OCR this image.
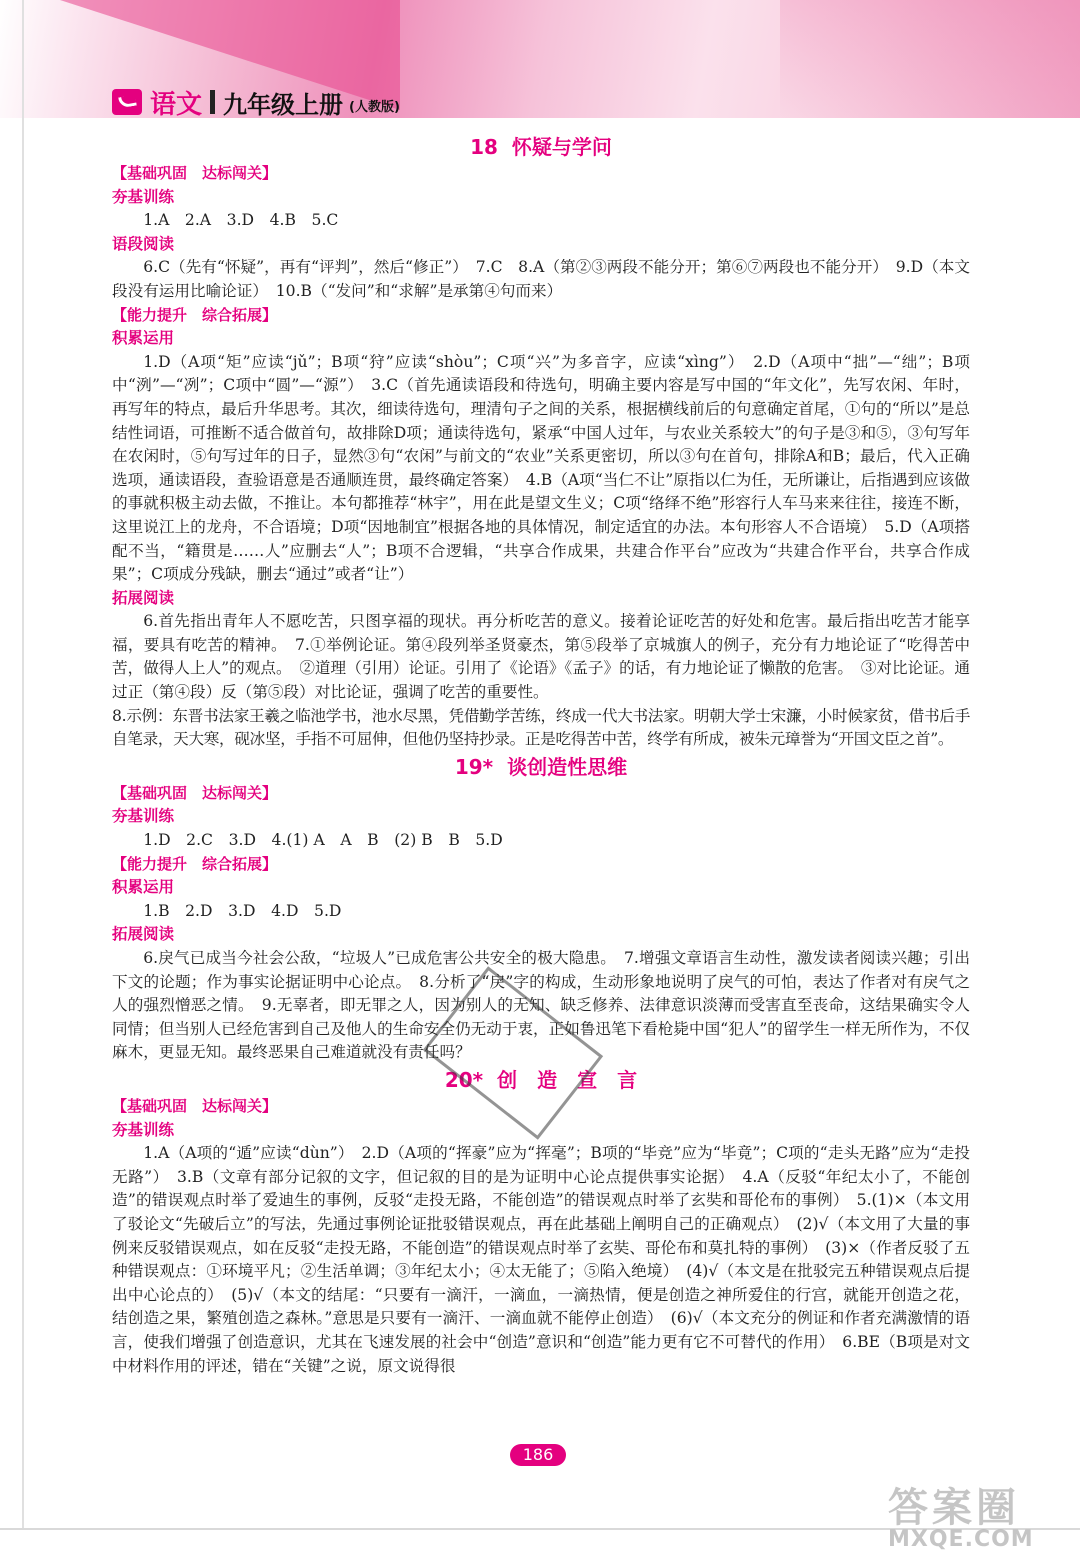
语文 九年级上册 (人教版)
18 怀疑与学问
【基础巩固　达标闯关】
夯基训练
1.A　2.A　3.D　4.B　5.C
语段阅读
6.C（先有“怀疑”，再有“评判”，然后“修正”）　7.C　8.A（第②③两段不能分开；第⑥⑦两段也不能分开）　9.D（本文段没有运用比喻论证）　10.B（“发问”和“求解”是承第④句而来）
【能力提升　综合拓展】
积累运用
1.D（A项“矩”应读“jǔ”；B项“狩”应读“shòu”；C项“兴”为多音字，应读“xìng”）　2.D（A项中“拙”—“绌”；B项中“洌”—“冽”；C项中“圆”—“源”）　3.C（首先通读语段和待选句，明确主要内容是写中国的“年文化”，先写农闲、年时，再写年的特点，最后升华思考。其次，细读待选句，理清句子之间的关系，根据横线前后的句意确定首尾，①句的“所以”是总结性词语，可推断不适合做首句，故排除D项；通读待选句，紧承“中国人过年，与农业关系较大”的句子是③和⑤，③句写年在农闲时，⑤句写过年的日子，显然③句“农闲”与前文的“农业”关系更密切，所以③句在首句，排除A和B；最后，代入正确选项，通读语段，查验语意是否通顺连贯，最终确定答案）　4.B（A项“当仁不让”原指以仁为任，无所谦让，后指遇到应该做的事就积极主动去做，不推让。本句都推荐“林宇”，用在此是望文生义；C项“络绎不绝”形容行人车马来来往往，接连不断，这里说江上的龙舟，不合语境；D项“因地制宜”根据各地的具体情况，制定适宜的办法。本句形容人不合语境）　5.D（A项搭配不当，“籍贯是……人”应删去“人”；B项不合逻辑，“共享合作成果，共建合作平台”应改为“共建合作平台，共享合作成果”；C项成分残缺，删去“通过”或者“让”）
拓展阅读
6.首先指出青年人不愿吃苦，只图享福的现状。再分析吃苦的意义。接着论证吃苦的好处和危害。最后指出吃苦才能享福，要具有吃苦的精神。　7.①举例论证。第④段列举圣贤豪杰，第⑤段举了京城旗人的例子，充分有力地论证了“吃得苦中苦，做得人上人”的观点。　②道理（引用）论证。引用了《论语》《孟子》的话，有力地论证了懒散的危害。　③对比论证。通过正（第④段）反（第⑤段）对比论证，强调了吃苦的重要性。
8.示例：东晋书法家王羲之临池学书，池水尽黑，凭借勤学苦练，终成一代大书法家。明朝大学士宋濂，小时候家贫，借书后手自笔录，天大寒，砚冰坚，手指不可屈伸，但他仍坚持抄录。正是吃得苦中苦，终学有所成，被朱元璋誉为“开国文臣之首”。
19* 谈创造性思维
【基础巩固　达标闯关】
夯基训练
1.D　2.C　3.D　4.(1) A　A　B　(2) B　B　5.D
【能力提升　综合拓展】
积累运用
1.B　2.D　3.D　4.D　5.D
拓展阅读
6.戾气已成当今社会公敌，“垃圾人”已成危害公共安全的极大隐患。　7.增强文章语言生动性，激发读者阅读兴趣；引出下文的论题；作为事实论据证明中心论点。　8.分析了“戾”字的构成，生动形象地说明了戾气的可怕，表达了作者对有戾气之人的强烈憎恶之情。　9.无辜者，即无罪之人，因为别人的无知、缺乏修养、法律意识淡薄而受害直至丧命，这结果确实令人同情；但当别人已经危害到自己及他人的生命安全仍无动于衷，正如鲁迅笔下看枪毙中国“犯人”的留学生一样无所作为，不仅麻木，更显无知。最终恶果自己难道就没有责任吗？
20* 创　造　宣　言
【基础巩固　达标闯关】
夯基训练
1.A（A项的“遁”应读“dùn”）　2.D（A项的“挥豪”应为“挥毫”；B项的“毕竞”应为“毕竟”；C项的“走头无路”应为“走投无路”）　3.B（文章有部分记叙的文字，但记叙的目的是为证明中心论点提供事实论据）　4.A（反驳“年纪太小了，不能创造”的错误观点时举了爱迪生的事例，反驳“走投无路，不能创造”的错误观点时举了玄奘和哥伦布的事例）　5.(1)×（本文用了驳论文“先破后立”的写法，先通过事例论证批驳错误观点，再在此基础上阐明自己的正确观点）　(2)√（本文用了大量的事例来反驳错误观点，如在反驳“走投无路，不能创造”的错误观点时举了玄奘、哥伦布和莫扎特的事例）　(3)×（作者反驳了五种错误观点：①环境平凡；②生活单调；③年纪太小；④太无能了；⑤陷入绝境）　(4)√（本文是在批驳完五种错误观点后提出中心论点的）　(5)√（本文的结尾：“只要有一滴汗，一滴血，一滴热情，便是创造之神所爱住的行宫，就能开创造之花，结创造之果，繁殖创造之森林。”意思是只要有一滴汗、一滴血就不能停止创造）　(6)√（本文充分的例证和作者充满激情的语言，使我们增强了创造意识，尤其在飞速发展的社会中“创造”意识和“创造”能力更有它不可替代的作用）　6.BE（B项是对文中材料作用的评述，错在“关键”之说，原文说得很
186
答案圈
MXQE.COM
